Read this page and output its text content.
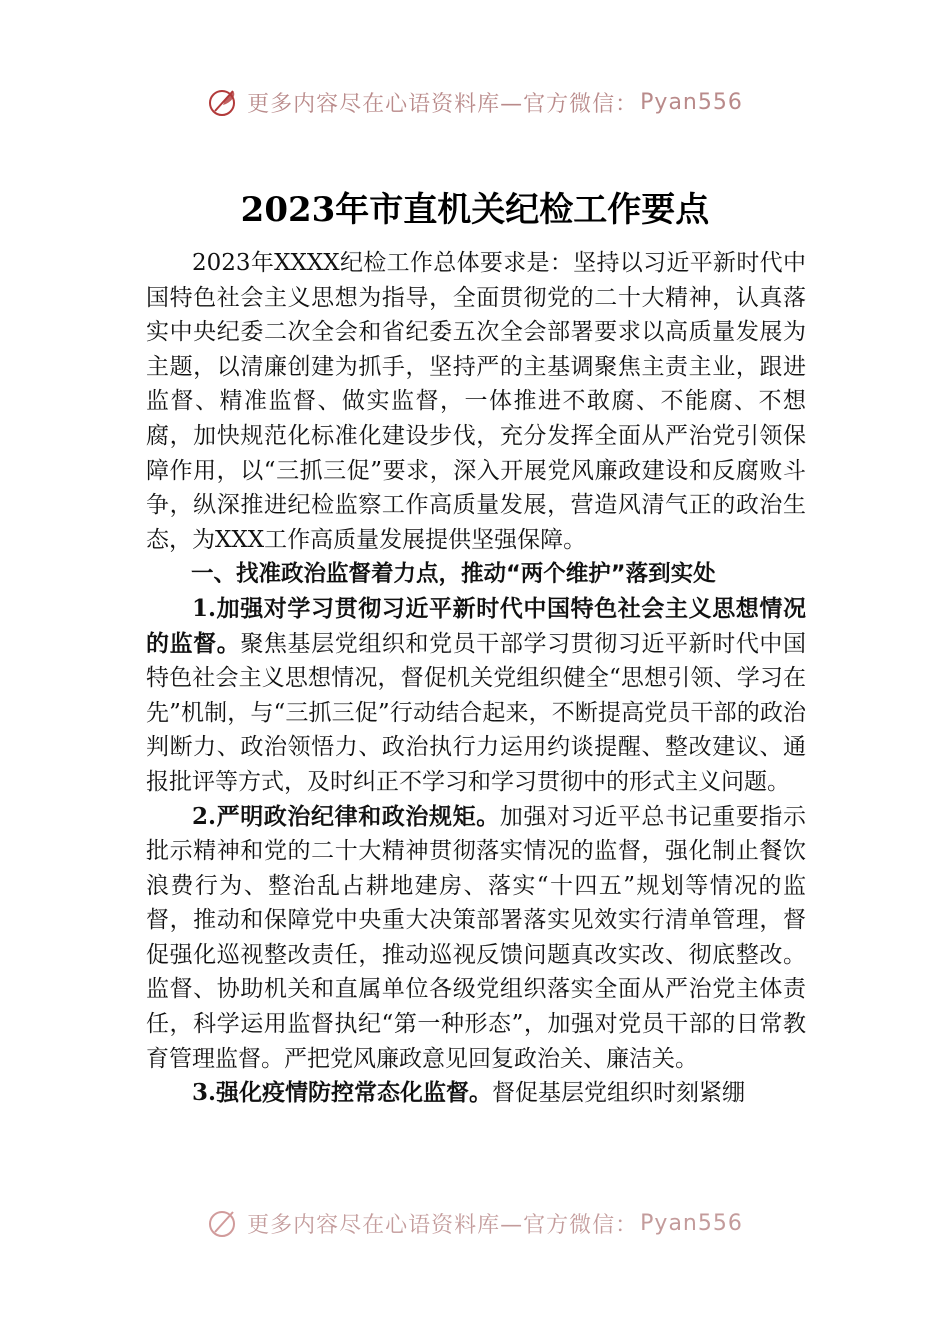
更多内容尽在心语资料库—官方微信： Pyan556
2023年市直机关纪检工作要点

2023年XXXX纪检工作总体要求是：坚持以习近平新时代中国特色社会主义思想为指导，全面贯彻党的二十大精神，认真落实中央纪委二次全会和省纪委五次全会部署要求以高质量发展为主题，以清廉创建为抓手，坚持严的主基调聚焦主责主业，跟进监督、精准监督、做实监督，一体推进不敢腐、不能腐、不想腐，加快规范化标准化建设步伐，充分发挥全面从严治党引领保障作用，以“三抓三促”要求，深入开展党风廉政建设和反腐败斗争，纵深推进纪检监察工作高质量发展，营造风清气正的政治生态，为XXX工作高质量发展提供坚强保障。

一、找准政治监督着力点，推动“两个维护”落到实处

1.加强对学习贯彻习近平新时代中国特色社会主义思想情况的监督。聚焦基层党组织和党员干部学习贯彻习近平新时代中国特色社会主义思想情况，督促机关党组织健全“思想引领、学习在先”机制，与“三抓三促”行动结合起来，不断提高党员干部的政治判断力、政治领悟力、政治执行力运用约谈提醒、整改建议、通报批评等方式，及时纠正不学习和学习贯彻中的形式主义问题。

2.严明政治纪律和政治规矩。加强对习近平总书记重要指示批示精神和党的二十大精神贯彻落实情况的监督，强化制止餐饮浪费行为、整治乱占耕地建房、落实“十四五”规划等情况的监督，推动和保障党中央重大决策部署落实见效实行清单管理，督促强化巡视整改责任，推动巡视反馈问题真改实改、彻底整改。监督、协助机关和直属单位各级党组织落实全面从严治党主体责任，科学运用监督执纪“第一种形态”，加强对党员干部的日常教育管理监督。严把党风廉政意见回复政治关、廉洁关。

3.强化疫情防控常态化监督。督促基层党组织时刻紧绷

更多内容尽在心语资料库—官方微信： Pyan556
